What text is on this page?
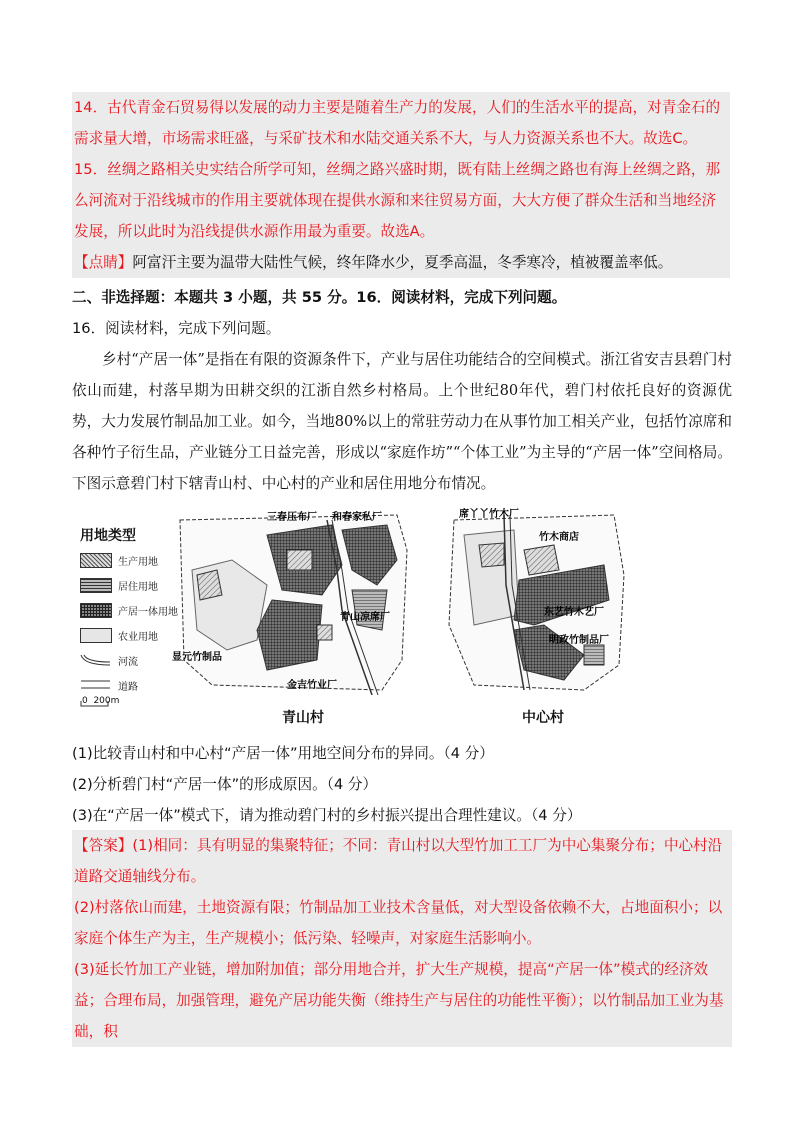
14．古代青金石贸易得以发展的动力主要是随着生产力的发展，人们的生活水平的提高，对青金石的需求量大增，市场需求旺盛，与采矿技术和水陆交通关系不大，与人力资源关系也不大。故选C。

15．丝绸之路相关史实结合所学可知，丝绸之路兴盛时期，既有陆上丝绸之路也有海上丝绸之路，那么河流对于沿线城市的作用主要就体现在提供水源和来往贸易方面，大大方便了群众生活和当地经济发展，所以此时为沿线提供水源作用最为重要。故选A。

【点睛】阿富汗主要为温带大陆性气候，终年降水少，夏季高温，冬季寒冷，植被覆盖率低。

二、非选择题：本题共 3 小题，共 55 分。16．阅读材料，完成下列问题。
16．阅读材料，完成下列问题。

乡村“产居一体”是指在有限的资源条件下，产业与居住功能结合的空间模式。浙江省安吉县碧门村依山而建，村落早期为田耕交织的江浙自然乡村格局。上个世纪80年代，碧门村依托良好的资源优势，大力发展竹制品加工业。如今，当地80%以上的常驻劳动力在从事竹加工相关产业，包括竹凉席和各种竹子衍生品，产业链分工日益完善，形成以“家庭作坊”“个体工业”为主导的“产居一体”空间格局。下图示意碧门村下辖青山村、中心村的产业和居住用地分布情况。

用地类型
生产用地
居住用地
产居一体用地
农业用地
河流
道路
0  200m
三春压布厂 和春家私厂
青山凉席厂
显元竹制品
金吉竹业厂
席丫丫竹木厂
竹木商店
东艺竹木艺厂
明政竹制品厂
青山村	中心村
(1)比较青山村和中心村“产居一体”用地空间分布的异同。（4 分）
(2)分析碧门村“产居一体”的形成原因。（4 分）
(3)在“产居一体”模式下，请为推动碧门村的乡村振兴提出合理性建议。（4 分）

【答案】(1)相同：具有明显的集聚特征；不同：青山村以大型竹加工工厂为中心集聚分布；中心村沿道路交通轴线分布。

(2)村落依山而建，土地资源有限；竹制品加工业技术含量低，对大型设备依赖不大，占地面积小；以家庭个体生产为主，生产规模小；低污染、轻噪声，对家庭生活影响小。

(3)延长竹加工产业链，增加附加值；部分用地合并，扩大生产规模，提高“产居一体”模式的经济效益；合理布局，加强管理，避免产居功能失衡（维持生产与居住的功能性平衡）；以竹制品加工业为基础，积
